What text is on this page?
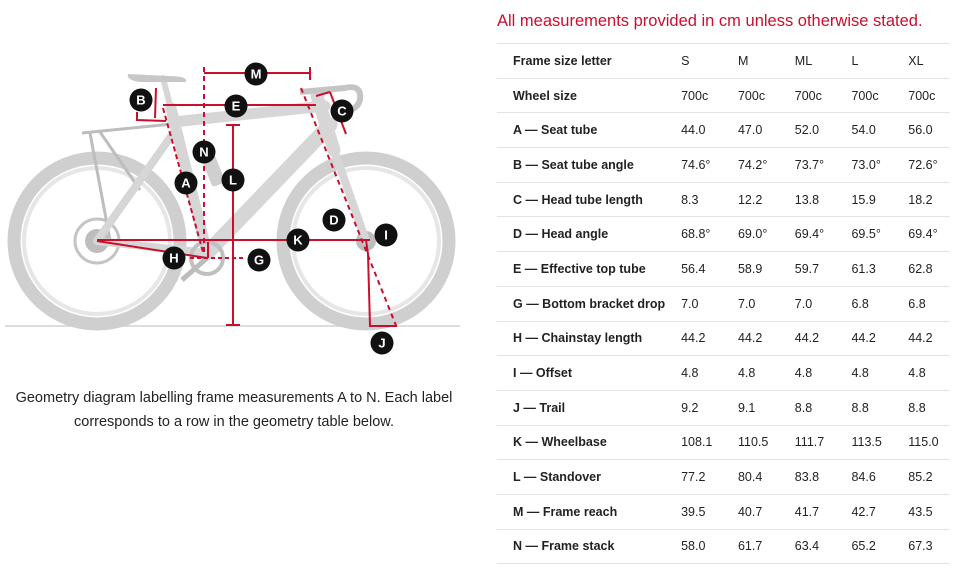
M
B	E	C
N
A	L
D
I
K
H	G
J

Geometry diagram labelling frame measurements A to N. Each label corresponds to a row in the geometry table below.

All measurements provided in cm unless otherwise stated.

Frame size letter	S	M	ML	L	XL
Wheel size	700c	700c	700c	700c	700c
A — Seat tube	44.0	47.0	52.0	54.0	56.0
B — Seat tube angle	74.6°	74.2°	73.7°	73.0°	72.6°
C — Head tube length	8.3	12.2	13.8	15.9	18.2
D — Head angle	68.8°	69.0°	69.4°	69.5°	69.4°
E — Effective top tube	56.4	58.9	59.7	61.3	62.8
G — Bottom bracket drop	7.0	7.0	7.0	6.8	6.8
H — Chainstay length	44.2	44.2	44.2	44.2	44.2
I — Offset	4.8	4.8	4.8	4.8	4.8
J — Trail	9.2	9.1	8.8	8.8	8.8
K — Wheelbase	108.1	110.5	111.7	113.5	115.0
L — Standover	77.2	80.4	83.8	84.6	85.2
M — Frame reach	39.5	40.7	41.7	42.7	43.5
N — Frame stack	58.0	61.7	63.4	65.2	67.3
